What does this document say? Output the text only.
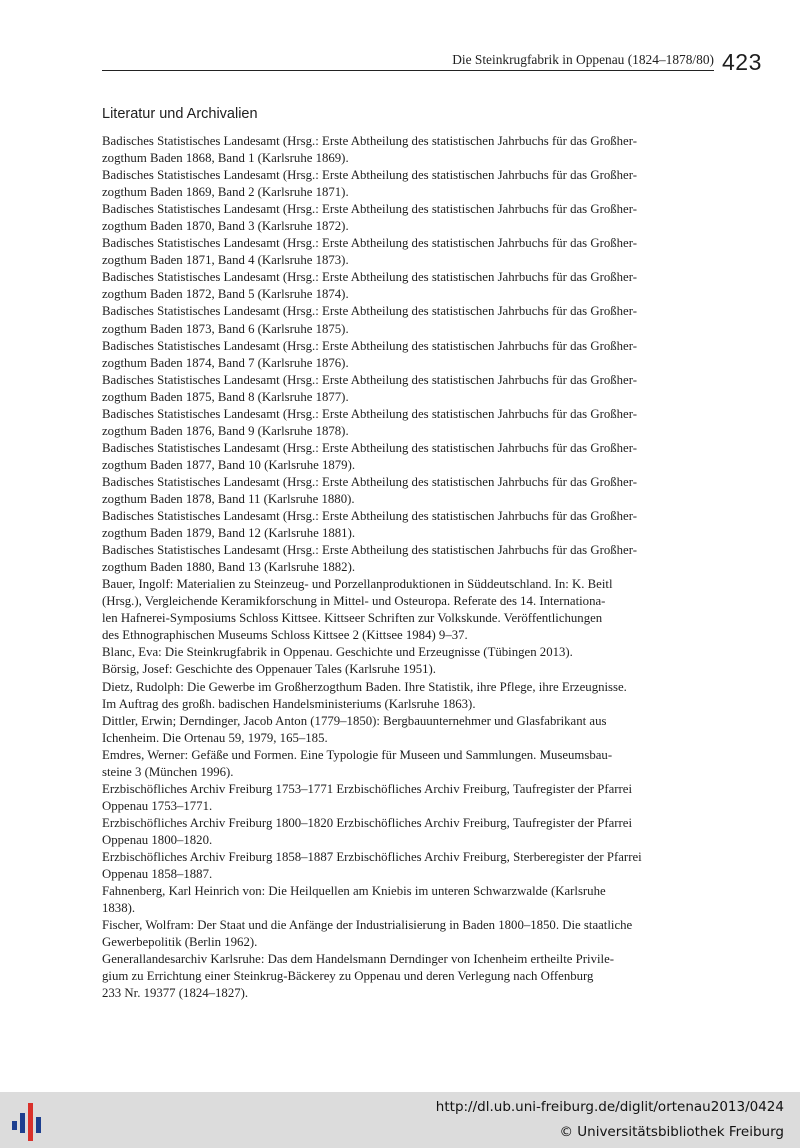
Die Steinkrugfabrik in Oppenau (1824–1878/80) 423
Literatur und Archivalien
Badisches Statistisches Landesamt (Hrsg.: Erste Abtheilung des statistischen Jahrbuchs für das Großher-
zogthum Baden 1868, Band 1 (Karlsruhe 1869).
Badisches Statistisches Landesamt (Hrsg.: Erste Abtheilung des statistischen Jahrbuchs für das Großher-
zogthum Baden 1869, Band 2 (Karlsruhe 1871).
Badisches Statistisches Landesamt (Hrsg.: Erste Abtheilung des statistischen Jahrbuchs für das Großher-
zogthum Baden 1870, Band 3 (Karlsruhe 1872).
Badisches Statistisches Landesamt (Hrsg.: Erste Abtheilung des statistischen Jahrbuchs für das Großher-
zogthum Baden 1871, Band 4 (Karlsruhe 1873).
Badisches Statistisches Landesamt (Hrsg.: Erste Abtheilung des statistischen Jahrbuchs für das Großher-
zogthum Baden 1872, Band 5 (Karlsruhe 1874).
Badisches Statistisches Landesamt (Hrsg.: Erste Abtheilung des statistischen Jahrbuchs für das Großher-
zogthum Baden 1873, Band 6 (Karlsruhe 1875).
Badisches Statistisches Landesamt (Hrsg.: Erste Abtheilung des statistischen Jahrbuchs für das Großher-
zogthum Baden 1874, Band 7 (Karlsruhe 1876).
Badisches Statistisches Landesamt (Hrsg.: Erste Abtheilung des statistischen Jahrbuchs für das Großher-
zogthum Baden 1875, Band 8 (Karlsruhe 1877).
Badisches Statistisches Landesamt (Hrsg.: Erste Abtheilung des statistischen Jahrbuchs für das Großher-
zogthum Baden 1876, Band 9 (Karlsruhe 1878).
Badisches Statistisches Landesamt (Hrsg.: Erste Abtheilung des statistischen Jahrbuchs für das Großher-
zogthum Baden 1877, Band 10 (Karlsruhe 1879).
Badisches Statistisches Landesamt (Hrsg.: Erste Abtheilung des statistischen Jahrbuchs für das Großher-
zogthum Baden 1878, Band 11 (Karlsruhe 1880).
Badisches Statistisches Landesamt (Hrsg.: Erste Abtheilung des statistischen Jahrbuchs für das Großher-
zogthum Baden 1879, Band 12 (Karlsruhe 1881).
Badisches Statistisches Landesamt (Hrsg.: Erste Abtheilung des statistischen Jahrbuchs für das Großher-
zogthum Baden 1880, Band 13 (Karlsruhe 1882).
Bauer, Ingolf: Materialien zu Steinzeug- und Porzellanproduktionen in Süddeutschland. In: K. Beitl
(Hrsg.), Vergleichende Keramikforschung in Mittel- und Osteuropa. Referate des 14. Internationa-
len Hafnerei-Symposiums Schloss Kittsee. Kittseer Schriften zur Volkskunde. Veröffentlichungen
des Ethnographischen Museums Schloss Kittsee 2 (Kittsee 1984) 9–37.
Blanc, Eva: Die Steinkrugfabrik in Oppenau. Geschichte und Erzeugnisse (Tübingen 2013).
Börsig, Josef: Geschichte des Oppenauer Tales (Karlsruhe 1951).
Dietz, Rudolph: Die Gewerbe im Großherzogthum Baden. Ihre Statistik, ihre Pflege, ihre Erzeugnisse.
Im Auftrag des großh. badischen Handelsministeriums (Karlsruhe 1863).
Dittler, Erwin; Derndinger, Jacob Anton (1779–1850): Bergbauunternehmer und Glasfabrikant aus
Ichenheim. Die Ortenau 59, 1979, 165–185.
Emdres, Werner: Gefäße und Formen. Eine Typologie für Museen und Sammlungen. Museumsbau-
steine 3 (München 1996).
Erzbischöfliches Archiv Freiburg 1753–1771 Erzbischöfliches Archiv Freiburg, Taufregister der Pfarrei
Oppenau 1753–1771.
Erzbischöfliches Archiv Freiburg 1800–1820 Erzbischöfliches Archiv Freiburg, Taufregister der Pfarrei
Oppenau 1800–1820.
Erzbischöfliches Archiv Freiburg 1858–1887 Erzbischöfliches Archiv Freiburg, Sterberegister der Pfarrei
Oppenau 1858–1887.
Fahnenberg, Karl Heinrich von: Die Heilquellen am Kniebis im unteren Schwarzwalde (Karlsruhe
1838).
Fischer, Wolfram: Der Staat und die Anfänge der Industrialisierung in Baden 1800–1850. Die staatliche
Gewerbepolitik (Berlin 1962).
Generallandesarchiv Karlsruhe: Das dem Handelsmann Derndinger von Ichenheim ertheilte Privile-
gium zu Errichtung einer Steinkrug-Bäckerey zu Oppenau und deren Verlegung nach Offenburg
233 Nr. 19377 (1824–1827).
http://dl.ub.uni-freiburg.de/diglit/ortenau2013/0424
© Universitätsbibliothek Freiburg
